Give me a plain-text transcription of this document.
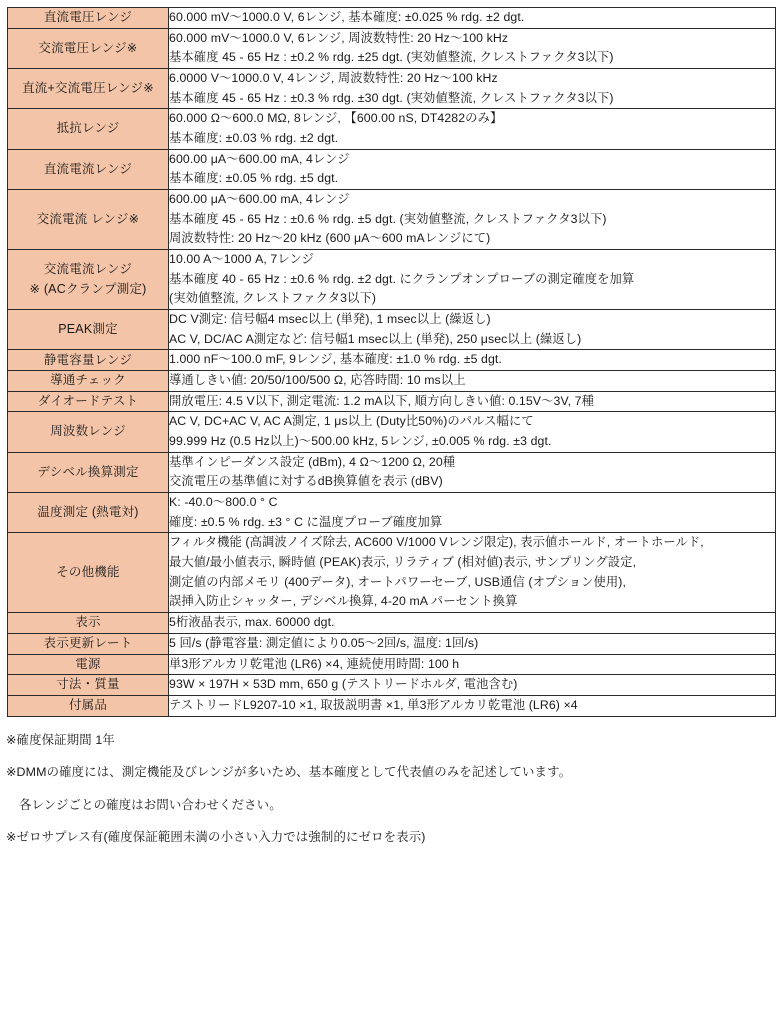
直流電圧レンジ	60.000 mV〜1000.0 V, 6レンジ, 基本確度: ±0.025 % rdg. ±2 dgt.

交流電圧レンジ※	60.000 mV〜1000.0 V, 6レンジ, 周波数特性: 20 Hz〜100 kHz
基本確度 45 - 65 Hz : ±0.2 % rdg. ±25 dgt. (実効値整流, クレストファクタ3以下)

直流+交流電圧レンジ※	6.0000 V〜1000.0 V, 4レンジ, 周波数特性: 20 Hz〜100 kHz
基本確度 45 - 65 Hz : ±0.3 % rdg. ±30 dgt. (実効値整流, クレストファクタ3以下)

抵抗レンジ	60.000 Ω〜600.0 MΩ, 8レンジ, 【600.00 nS, DT4282のみ】
基本確度: ±0.03 % rdg. ±2 dgt.

直流電流レンジ	600.00 μA〜600.00 mA, 4レンジ
基本確度: ±0.05 % rdg. ±5 dgt.

交流電流 レンジ※	600.00 μA〜600.00 mA, 4レンジ
基本確度 45 - 65 Hz : ±0.6 % rdg. ±5 dgt. (実効値整流, クレストファクタ3以下)
周波数特性: 20 Hz〜20 kHz (600 μA〜600 mAレンジにて)

交流電流レンジ
※ (ACクランプ測定)	10.00 A〜1000 A, 7レンジ
基本確度 40 - 65 Hz : ±0.6 % rdg. ±2 dgt. にクランプオンプローブの測定確度を加算
(実効値整流, クレストファクタ3以下)

PEAK測定	DC V測定: 信号幅4 msec以上 (単発), 1 msec以上 (繰返し)
AC V, DC/AC A測定など: 信号幅1 msec以上 (単発), 250 μsec以上 (繰返し)

静電容量レンジ	1.000 nF〜100.0 mF, 9レンジ, 基本確度: ±1.0 % rdg. ±5 dgt.

導通チェック	導通しきい値: 20/50/100/500 Ω, 応答時間: 10 ms以上

ダイオードテスト	開放電圧: 4.5 V以下, 測定電流: 1.2 mA以下, 順方向しきい値: 0.15V〜3V, 7種

周波数レンジ	AC V, DC+AC V, AC A測定, 1 μs以上 (Duty比50%)のパルス幅にて
99.999 Hz (0.5 Hz以上)〜500.00 kHz, 5レンジ, ±0.005 % rdg. ±3 dgt.

デシベル換算測定	基準インピーダンス設定 (dBm), 4 Ω〜1200 Ω, 20種
交流電圧の基準値に対するdB換算値を表示 (dBV)

温度測定 (熱電対)	K: -40.0〜800.0 ° C
確度: ±0.5 % rdg. ±3 ° C に温度プローブ確度加算

その他機能	フィルタ機能 (高調波ノイズ除去, AC600 V/1000 Vレンジ限定), 表示値ホールド, オートホールド,
最大値/最小値表示, 瞬時値 (PEAK)表示, リラティブ (相対値)表示, サンプリング設定,
測定値の内部メモリ (400データ), オートパワーセーブ, USB通信 (オプション使用),
誤挿入防止シャッター, デシベル換算, 4-20 mA パーセント換算

表示	5桁液晶表示, max. 60000 dgt.

表示更新レート	5 回/s (静電容量: 測定値により0.05〜2回/s, 温度: 1回/s)

電源	単3形アルカリ乾電池 (LR6) ×4, 連続使用時間: 100 h

寸法・質量	93W × 197H × 53D mm, 650 g (テストリードホルダ, 電池含む)

付属品	テストリードL9207-10 ×1, 取扱説明書 ×1, 単3形アルカリ乾電池 (LR6) ×4
※確度保証期間 1年
※DMMの確度には、測定機能及びレンジが多いため、基本確度として代表値のみを記述しています。
各レンジごとの確度はお問い合わせください。
※ゼロサプレス有(確度保証範囲未満の小さい入力では強制的にゼロを表示)
